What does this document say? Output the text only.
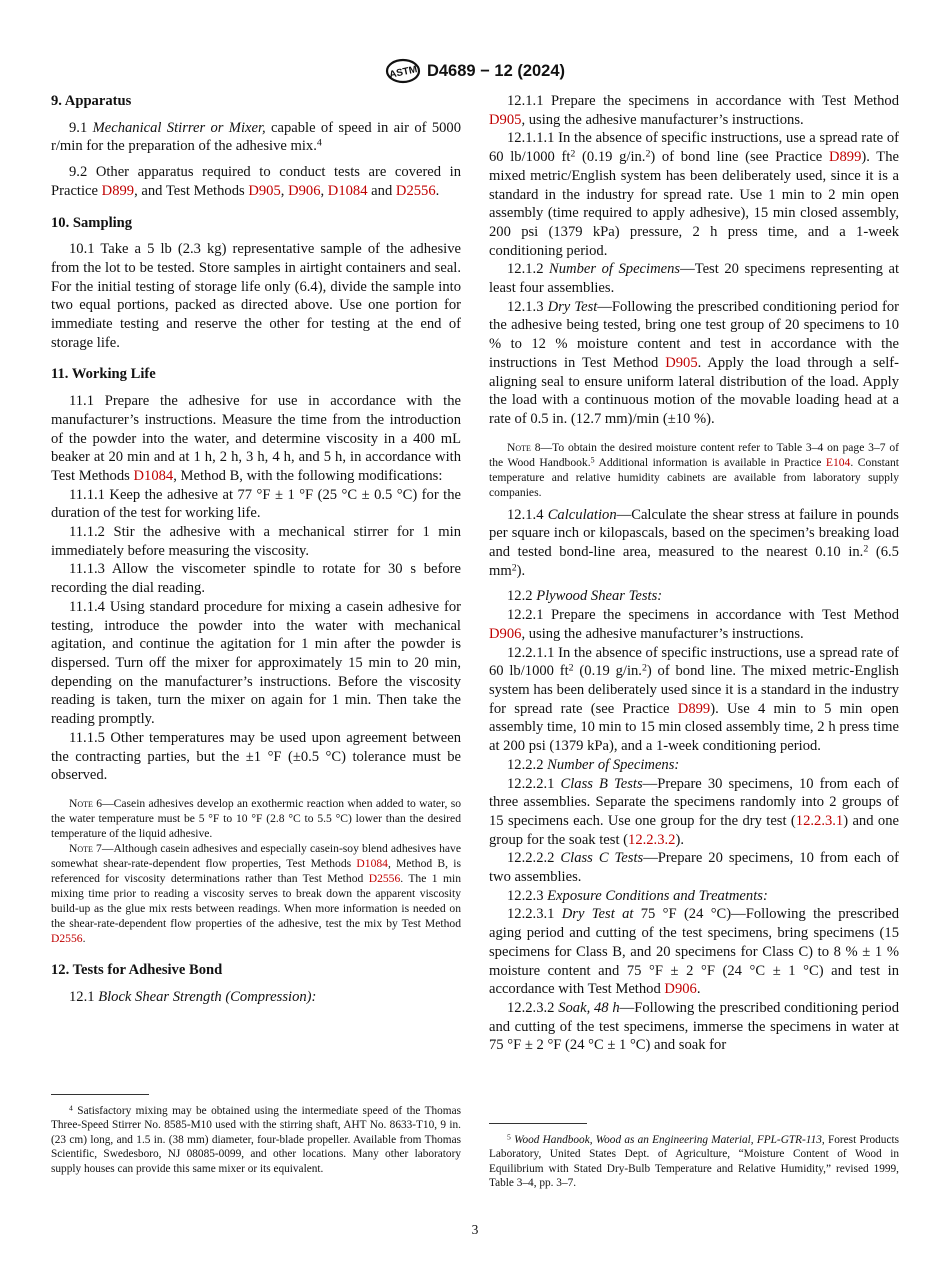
ASTM D4689 − 12 (2024)

9. Apparatus

9.1 Mechanical Stirrer or Mixer, capable of speed in air of 5000 r/min for the preparation of the adhesive mix.$^4$

9.2 Other apparatus required to conduct tests are covered in Practice D899, and Test Methods D905, D906, D1084 and D2556.

10. Sampling

10.1 Take a 5 lb (2.3 kg) representative sample of the adhesive from the lot to be tested. Store samples in airtight containers and seal. For the initial testing of storage life only (6.4), divide the sample into two equal portions, packed as directed above. Use one portion for immediate testing and reserve the other for testing at the end of storage life.

11. Working Life

11.1 Prepare the adhesive for use in accordance with the manufacturer’s instructions. Measure the time from the introduction of the powder into the water, and determine viscosity in a 400 mL beaker at 20 min and at 1 h, 2 h, 3 h, 4 h, and 5 h, in accordance with Test Methods D1084, Method B, with the following modifications:

11.1.1 Keep the adhesive at 77 °F ± 1 °F (25 °C ± 0.5 °C) for the duration of the test for working life.

11.1.2 Stir the adhesive with a mechanical stirrer for 1 min immediately before measuring the viscosity.

11.1.3 Allow the viscometer spindle to rotate for 30 s before recording the dial reading.

11.1.4 Using standard procedure for mixing a casein adhesive for testing, introduce the powder into the water with mechanical agitation, and continue the agitation for 1 min after the powder is dispersed. Turn off the mixer for approximately 15 min to 20 min, depending on the manufacturer’s instructions. Before the viscosity reading is taken, turn the mixer on again for 1 min. Then take the reading promptly.

11.1.5 Other temperatures may be used upon agreement between the contracting parties, but the ±1 °F (±0.5 °C) tolerance must be observed.

Note 6—Casein adhesives develop an exothermic reaction when added to water, so the water temperature must be 5 °F to 10 °F (2.8 °C to 5.5 °C) lower than the desired temperature of the liquid adhesive.

Note 7—Although casein adhesives and especially casein-soy blend adhesives have somewhat shear-rate-dependent flow properties, Test Methods D1084, Method B, is referenced for viscosity determinations rather than Test Method D2556. The 1 min mixing time prior to reading a viscosity serves to break down the apparent viscosity build-up as the glue mix rests between readings. When more information is needed on the shear-rate-dependent flow properties of the adhesive, test the mix by Test Method D2556.

12. Tests for Adhesive Bond

12.1 Block Shear Strength (Compression):

$^4$ Satisfactory mixing may be obtained using the intermediate speed of the Thomas Three-Speed Stirrer No. 8585-M10 used with the stirring shaft, AHT No. 8633-T10, 9 in. (23 cm) long, and 1.5 in. (38 mm) diameter, four-blade propeller. Available from Thomas Scientific, Swedesboro, NJ 08085-0099, and other locations. Many other laboratory supply houses can provide this same mixer or its equivalent.

12.1.1 Prepare the specimens in accordance with Test Method D905, using the adhesive manufacturer’s instructions.

12.1.1.1 In the absence of specific instructions, use a spread rate of 60 lb/1000 $ft^2$ (0.19 g/in.$^2$) of bond line (see Practice D899). The mixed metric/English system has been deliberately used, since it is a standard in the industry for spread rate. Use 1 min to 2 min open assembly (time required to apply adhesive), 15 min closed assembly, 200 psi (1379 kPa) pressure, 2 h press time, and a 1-week conditioning period.

12.1.2 Number of Specimens—Test 20 specimens representing at least four assemblies.

12.1.3 Dry Test—Following the prescribed conditioning period for the adhesive being tested, bring one test group of 20 specimens to 10 % to 12 % moisture content and test in accordance with the instructions in Test Method D905. Apply the load through a self-aligning seal to ensure uniform lateral distribution of the load. Apply the load with a continuous motion of the movable loading head at a rate of 0.5 in. (12.7 mm)/min (±10 %).

Note 8—To obtain the desired moisture content refer to Table 3–4 on page 3–7 of the Wood Handbook.$^5$ Additional information is available in Practice E104. Constant temperature and relative humidity cabinets are available from laboratory supply companies.

12.1.4 Calculation—Calculate the shear stress at failure in pounds per square inch or kilopascals, based on the specimen’s breaking load and tested bond-line area, measured to the nearest 0.10 in.$^2$ (6.5 $mm^2$).

12.2 Plywood Shear Tests:

12.2.1 Prepare the specimens in accordance with Test Method D906, using the adhesive manufacturer’s instructions.

12.2.1.1 In the absence of specific instructions, use a spread rate of 60 lb/1000 $ft^2$ (0.19 g/in.$^2$) of bond line. The mixed metric-English system has been deliberately used since it is a standard in the industry for spread rate (see Practice D899). Use 4 min to 5 min open assembly time, 10 min to 15 min closed assembly time, 2 h press time at 200 psi (1379 kPa), and a 1-week conditioning period.

12.2.2 Number of Specimens:

12.2.2.1 Class B Tests—Prepare 30 specimens, 10 from each of three assemblies. Separate the specimens randomly into 2 groups of 15 specimens each. Use one group for the dry test (12.2.3.1) and one group for the soak test (12.2.3.2).

12.2.2.2 Class C Tests—Prepare 20 specimens, 10 from each of two assemblies.

12.2.3 Exposure Conditions and Treatments:

12.2.3.1 Dry Test at 75 °F (24 °C)—Following the prescribed aging period and cutting of the test specimens, bring specimens (15 specimens for Class B, and 20 specimens for Class C) to 8 % ± 1 % moisture content and 75 °F ± 2 °F (24 °C ± 1 °C) and test in accordance with Test Method D906.

12.2.3.2 Soak, 48 h—Following the prescribed conditioning period and cutting of the test specimens, immerse the specimens in water at 75 °F ± 2 °F (24 °C ± 1 °C) and soak for

$^5$ Wood Handbook, Wood as an Engineering Material, FPL-GTR-113, Forest Products Laboratory, United States Dept. of Agriculture, “Moisture Content of Wood in Equilibrium with Stated Dry-Bulb Temperature and Relative Humidity,” revised 1999, Table 3–4, pp. 3–7.

3
